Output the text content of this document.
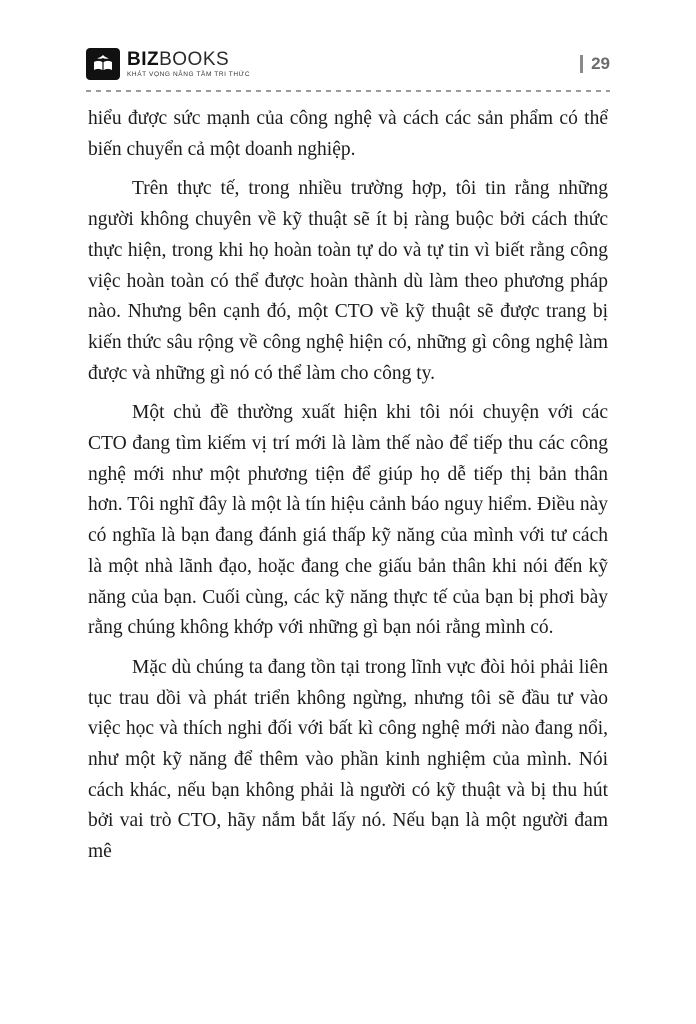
BIZBOOKS
KHÁT VỌNG NÂNG TẦM TRI THỨC
29

hiểu được sức mạnh của công nghệ và cách các sản phẩm có thể biến chuyển cả một doanh nghiệp.

Trên thực tế, trong nhiều trường hợp, tôi tin rằng những người không chuyên về kỹ thuật sẽ ít bị ràng buộc bởi cách thức thực hiện, trong khi họ hoàn toàn tự do và tự tin vì biết rằng công việc hoàn toàn có thể được hoàn thành dù làm theo phương pháp nào. Nhưng bên cạnh đó, một CTO về kỹ thuật sẽ được trang bị kiến thức sâu rộng về công nghệ hiện có, những gì công nghệ làm được và những gì nó có thể làm cho công ty.

Một chủ đề thường xuất hiện khi tôi nói chuyện với các CTO đang tìm kiếm vị trí mới là làm thế nào để tiếp thu các công nghệ mới như một phương tiện để giúp họ dễ tiếp thị bản thân hơn. Tôi nghĩ đây là một là tín hiệu cảnh báo nguy hiểm. Điều này có nghĩa là bạn đang đánh giá thấp kỹ năng của mình với tư cách là một nhà lãnh đạo, hoặc đang che giấu bản thân khi nói đến kỹ năng của bạn. Cuối cùng, các kỹ năng thực tế của bạn bị phơi bày rằng chúng không khớp với những gì bạn nói rằng mình có.

Mặc dù chúng ta đang tồn tại trong lĩnh vực đòi hỏi phải liên tục trau dồi và phát triển không ngừng, nhưng tôi sẽ đầu tư vào việc học và thích nghi đối với bất kì công nghệ mới nào đang nổi, như một kỹ năng để thêm vào phần kinh nghiệm của mình. Nói cách khác, nếu bạn không phải là người có kỹ thuật và bị thu hút bởi vai trò CTO, hãy nắm bắt lấy nó. Nếu bạn là một người đam mê
